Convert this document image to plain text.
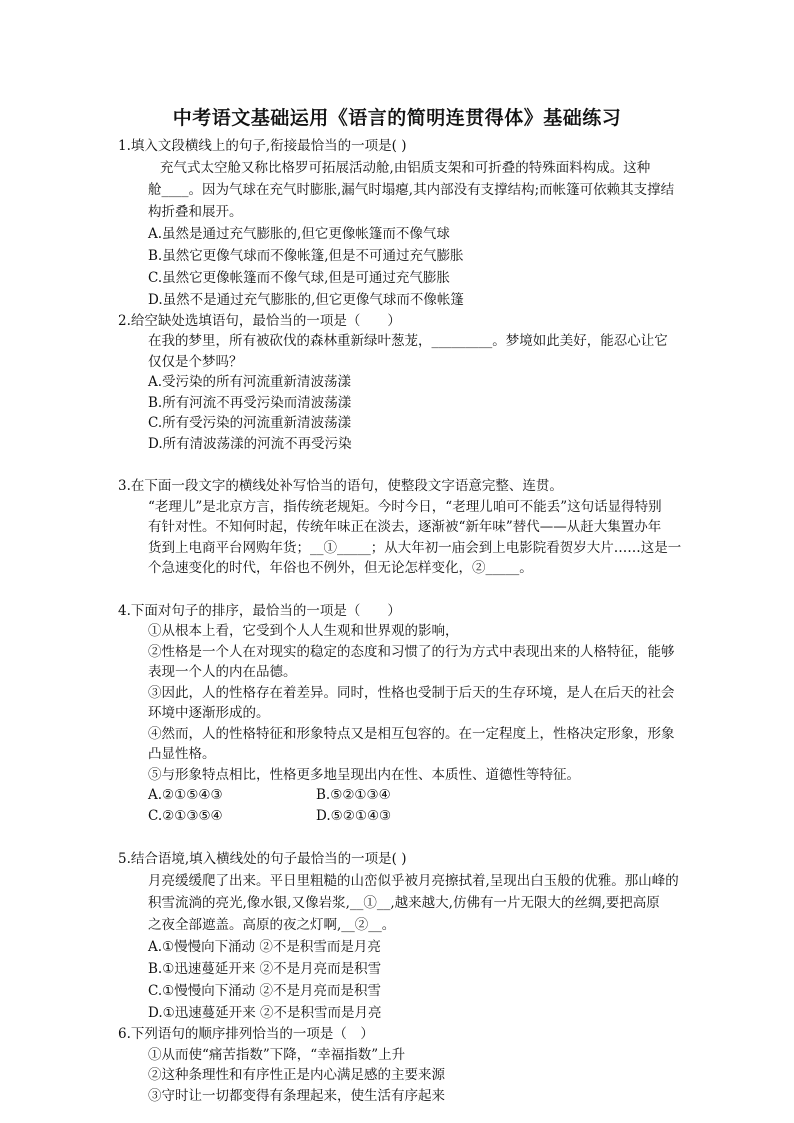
中考语文基础运用《语言的简明连贯得体》基础练习

1.填入文段横线上的句子,衔接最恰当的一项是( )

充气式太空舱又称比格罗可拓展活动舱,由铝质支架和可折叠的特殊面料构成。这种

舱____。因为气球在充气时膨胀,漏气时塌瘪,其内部没有支撑结构;而帐篷可依赖其支撑结

构折叠和展开。

A.虽然是通过充气膨胀的,但它更像帐篷而不像气球

B.虽然它更像气球而不像帐篷,但是不可通过充气膨胀

C.虽然它更像帐篷而不像气球,但是可通过充气膨胀

D.虽然不是通过充气膨胀的,但它更像气球而不像帐篷

2.给空缺处选填语句，最恰当的一项是（　　）

在我的梦里，所有被砍伐的森林重新绿叶葱茏，_________。梦境如此美好，能忍心让它

仅仅是个梦吗？

A.受污染的所有河流重新清波荡漾

B.所有河流不再受污染而清波荡漾

C.所有受污染的河流重新清波荡漾

D.所有清波荡漾的河流不再受污染

3.在下面一段文字的横线处补写恰当的语句，使整段文字语意完整、连贯。

“老理儿”是北京方言，指传统老规矩。今时今日，“老理儿咱可不能丢”这句话显得特别

有针对性。不知何时起，传统年味正在淡去，逐渐被“新年味”替代——从赶大集置办年

货到上电商平台网购年货；__①_____；从大年初一庙会到上电影院看贺岁大片……这是一

个急速变化的时代，年俗也不例外，但无论怎样变化，②_____。

4.下面对句子的排序，最恰当的一项是（　　）

①从根本上看，它受到个人人生观和世界观的影响，

②性格是一个人在对现实的稳定的态度和习惯了的行为方式中表现出来的人格特征，能够

表现一个人的内在品德。

③因此，人的性格存在着差异。同时，性格也受制于后天的生存环境，是人在后天的社会

环境中逐渐形成的。

④然而，人的性格特征和形象特点又是相互包容的。在一定程度上，性格决定形象，形象

凸显性格。

⑤与形象特点相比，性格更多地呈现出内在性、本质性、道德性等特征。

A.②①⑤④③	B.⑤②①③④
C.②①③⑤④	D.⑤②①④③

5.结合语境,填入横线处的句子最恰当的一项是( )

月亮缓缓爬了出来。平日里粗糙的山峦似乎被月亮擦拭着,呈现出白玉般的优雅。那山峰的

积雪流淌的亮光,像水银,又像岩浆,__①__,越来越大,仿佛有一片无限大的丝绸,要把高原

之夜全部遮盖。高原的夜之灯啊,__②__。

A.①慢慢向下涌动 ②不是积雪而是月亮

B.①迅速蔓延开来 ②不是月亮而是积雪

C.①慢慢向下涌动 ②不是月亮而是积雪

D.①迅速蔓延开来 ②不是积雪而是月亮

6.下列语句的顺序排列恰当的一项是（　）

①从而使“痛苦指数”下降，“幸福指数”上升

②这种条理性和有序性正是内心满足感的主要来源

③守时让一切都变得有条理起来，使生活有序起来
